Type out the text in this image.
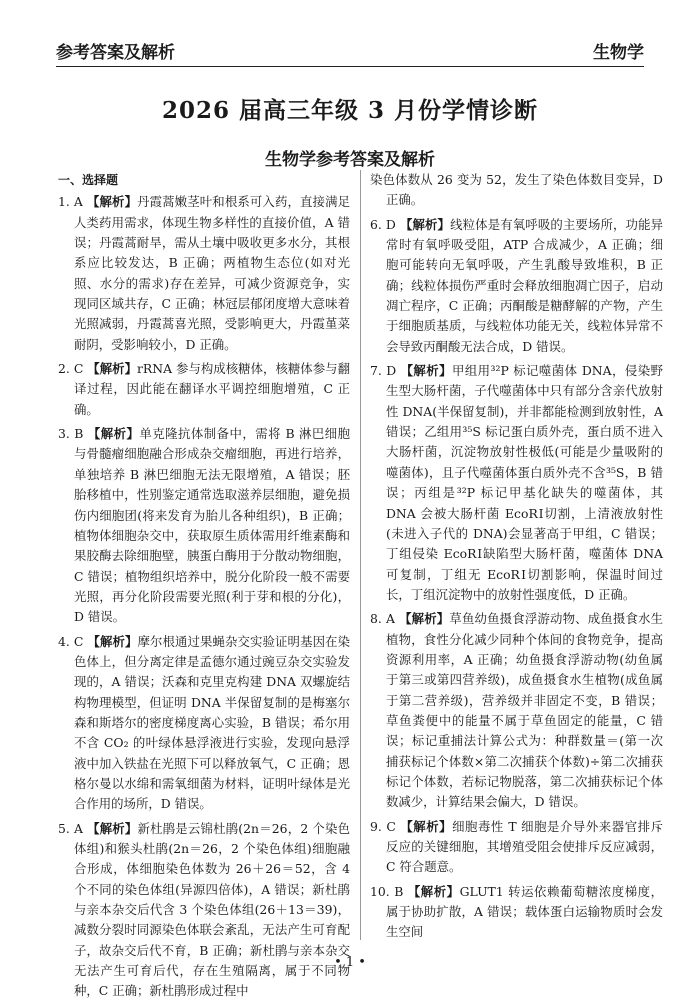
参考答案及解析	生物学
2026 届高三年级 3 月份学情诊断
生物学参考答案及解析
一、选择题
1. A 【解析】丹霞蒿嫩茎叶和根系可入药，直接满足人类药用需求，体现生物多样性的直接价值，A 错误；丹霞蒿耐旱，需从土壤中吸收更多水分，其根系应比较发达，B 正确；两植物生态位(如对光照、水分的需求)存在差异，可减少资源竞争，实现同区域共存，C 正确；林冠层郁闭度增大意味着光照减弱，丹霞蒿喜光照，受影响更大，丹霞堇菜耐阴，受影响较小，D 正确。
2. C 【解析】rRNA 参与构成核糖体，核糖体参与翻译过程，因此能在翻译水平调控细胞增殖，C 正确。
3. B 【解析】单克隆抗体制备中，需将 B 淋巴细胞与骨髓瘤细胞融合形成杂交瘤细胞，再进行培养，单独培养 B 淋巴细胞无法无限增殖，A 错误；胚胎移植中，性别鉴定通常选取滋养层细胞，避免损伤内细胞团(将来发育为胎儿各种组织)，B 正确；植物体细胞杂交中，获取原生质体需用纤维素酶和果胶酶去除细胞壁，胰蛋白酶用于分散动物细胞，C 错误；植物组织培养中，脱分化阶段一般不需要光照，再分化阶段需要光照(利于芽和根的分化)，D 错误。
4. C 【解析】摩尔根通过果蝇杂交实验证明基因在染色体上，但分离定律是孟德尔通过豌豆杂交实验发现的，A 错误；沃森和克里克构建 DNA 双螺旋结构物理模型，但证明 DNA 半保留复制的是梅塞尔森和斯塔尔的密度梯度离心实验，B 错误；希尔用不含 CO₂ 的叶绿体悬浮液进行实验，发现向悬浮液中加入铁盐在光照下可以释放氧气，C 正确；恩格尔曼以水绵和需氧细菌为材料，证明叶绿体是光合作用的场所，D 错误。
5. A 【解析】新杜鹃是云锦杜鹃(2n＝26，2 个染色体组)和猴头杜鹃(2n＝26，2 个染色体组)细胞融合形成，体细胞染色体数为 26＋26＝52，含 4 个不同的染色体组(异源四倍体)，A 错误；新杜鹃与亲本杂交后代含 3 个染色体组(26＋13＝39)，减数分裂时同源染色体联会紊乱，无法产生可育配子，故杂交后代不育，B 正确；新杜鹃与亲本杂交无法产生可育后代，存在生殖隔离，属于不同物种，C 正确；新杜鹃形成过程中
染色体数从 26 变为 52，发生了染色体数目变异，D 正确。
6. D 【解析】线粒体是有氧呼吸的主要场所，功能异常时有氧呼吸受阻，ATP 合成减少，A 正确；细胞可能转向无氧呼吸，产生乳酸导致堆积，B 正确；线粒体损伤严重时会释放细胞凋亡因子，启动凋亡程序，C 正确；丙酮酸是糖酵解的产物，产生于细胞质基质，与线粒体功能无关，线粒体异常不会导致丙酮酸无法合成，D 错误。
7. D 【解析】甲组用³²P 标记噬菌体 DNA，侵染野生型大肠杆菌，子代噬菌体中只有部分含亲代放射性 DNA(半保留复制)，并非都能检测到放射性，A 错误；乙组用³⁵S 标记蛋白质外壳，蛋白质不进入大肠杆菌，沉淀物放射性极低(可能是少量吸附的噬菌体)，且子代噬菌体蛋白质外壳不含³⁵S，B 错误；丙组是³²P 标记甲基化缺失的噬菌体，其 DNA 会被大肠杆菌 EcoRⅠ切割，上清液放射性(未进入子代的 DNA)会显著高于甲组，C 错误；丁组侵染 EcoRⅠ缺陷型大肠杆菌，噬菌体 DNA 可复制，丁组无 EcoRⅠ切割影响，保温时间过长，丁组沉淀物中的放射性强度低，D 正确。
8. A 【解析】草鱼幼鱼摄食浮游动物、成鱼摄食水生植物，食性分化减少同种个体间的食物竞争，提高资源利用率，A 正确；幼鱼摄食浮游动物(幼鱼属于第三或第四营养级)，成鱼摄食水生植物(成鱼属于第二营养级)，营养级并非固定不变，B 错误；草鱼粪便中的能量不属于草鱼固定的能量，C 错误；标记重捕法计算公式为：种群数量＝(第一次捕获标记个体数×第二次捕获个体数)÷第二次捕获标记个体数，若标记物脱落，第二次捕获标记个体数减少，计算结果会偏大，D 错误。
9. C 【解析】细胞毒性 T 细胞是介导外来器官排斥反应的关键细胞，其增殖受阻会使排斥反应减弱，C 符合题意。
10. B 【解析】GLUT1 转运依赖葡萄糖浓度梯度，属于协助扩散，A 错误；载体蛋白运输物质时会发生空间
• 1 •
